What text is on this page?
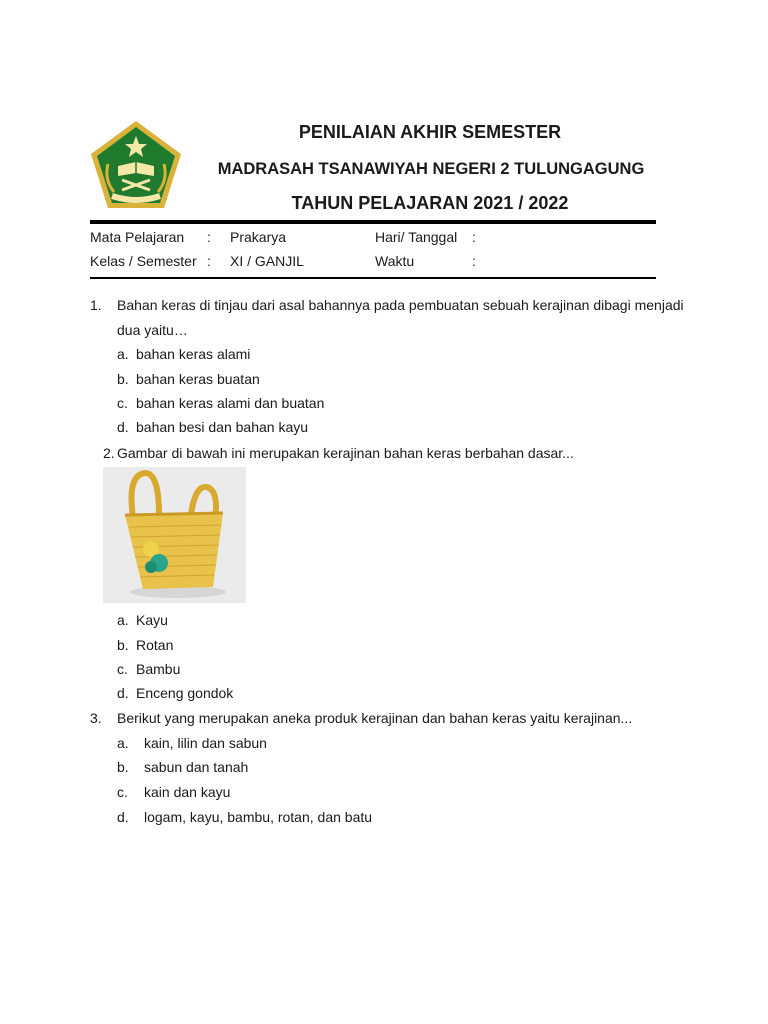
PENILAIAN AKHIR SEMESTER
MADRASAH TSANAWIYAH NEGERI 2 TULUNGAGUNG
TAHUN PELAJARAN 2021 / 2022
Mata Pelajaran : Prakarya	Hari/ Tanggal :
Kelas / Semester : XI / GANJIL	Waktu	:
1. Bahan keras di tinjau dari asal bahannya pada pembuatan sebuah kerajinan dibagi menjadi
dua yaitu…
a. bahan keras alami
b. bahan keras buatan
c. bahan keras alami dan buatan
d. bahan besi dan bahan kayu
2. Gambar di bawah ini merupakan kerajinan bahan keras berbahan dasar...
a. Kayu
b. Rotan
c. Bambu
d. Enceng gondok
3. Berikut yang merupakan aneka produk kerajinan dan bahan keras yaitu kerajinan...
a. kain, lilin dan sabun
b. sabun dan tanah
c. kain dan kayu
d. logam, kayu, bambu, rotan, dan batu
